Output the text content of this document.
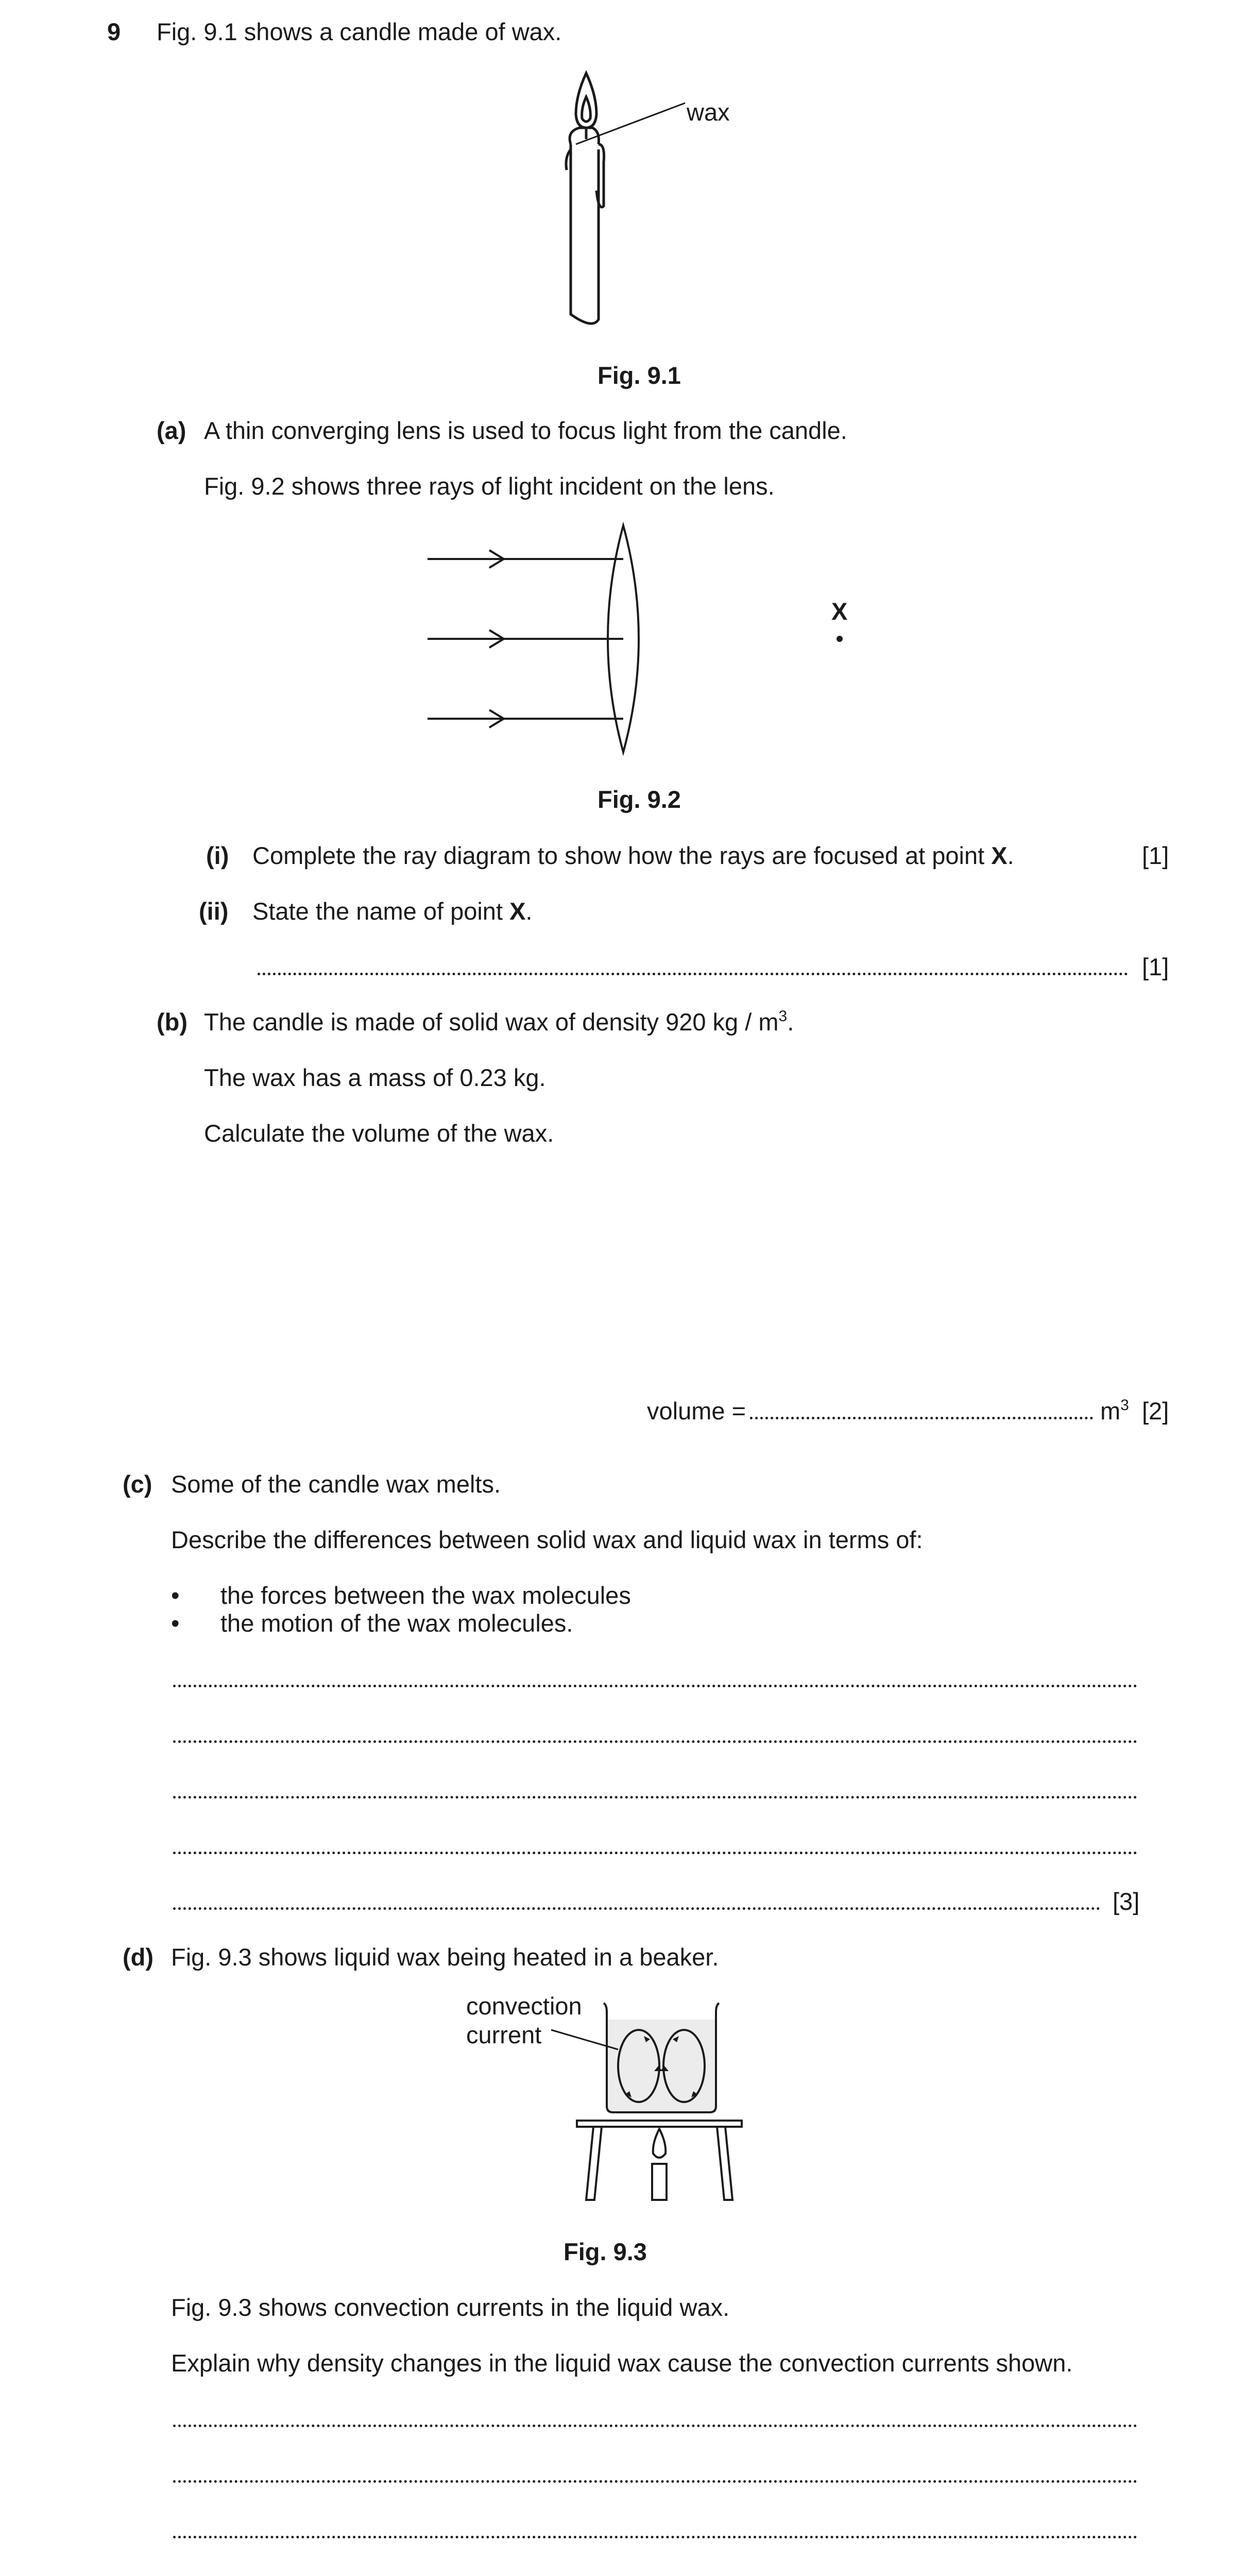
9 Fig. 9.1 shows a candle made of wax.
wax
Fig. 9.1
(a) A thin converging lens is used to focus light from the candle.
Fig. 9.2 shows three rays of light incident on the lens.
X
Fig. 9.2
(i) Complete the ray diagram to show how the rays are focused at point X.	[1]
(ii) State the name of point X.
[1]
(b) The candle is made of solid wax of density 920 kg / $m^3$.
The wax has a mass of 0.23 kg.
Calculate the volume of the wax.
volume =	$m^3$ [2]
(c) Some of the candle wax melts.
Describe the differences between solid wax and liquid wax in terms of:
• the forces between the wax molecules
• the motion of the wax molecules.
[3]
(d) Fig. 9.3 shows liquid wax being heated in a beaker.
convection
current
Fig. 9.3
Fig. 9.3 shows convection currents in the liquid wax.
Explain why density changes in the liquid wax cause the convection currents shown.
